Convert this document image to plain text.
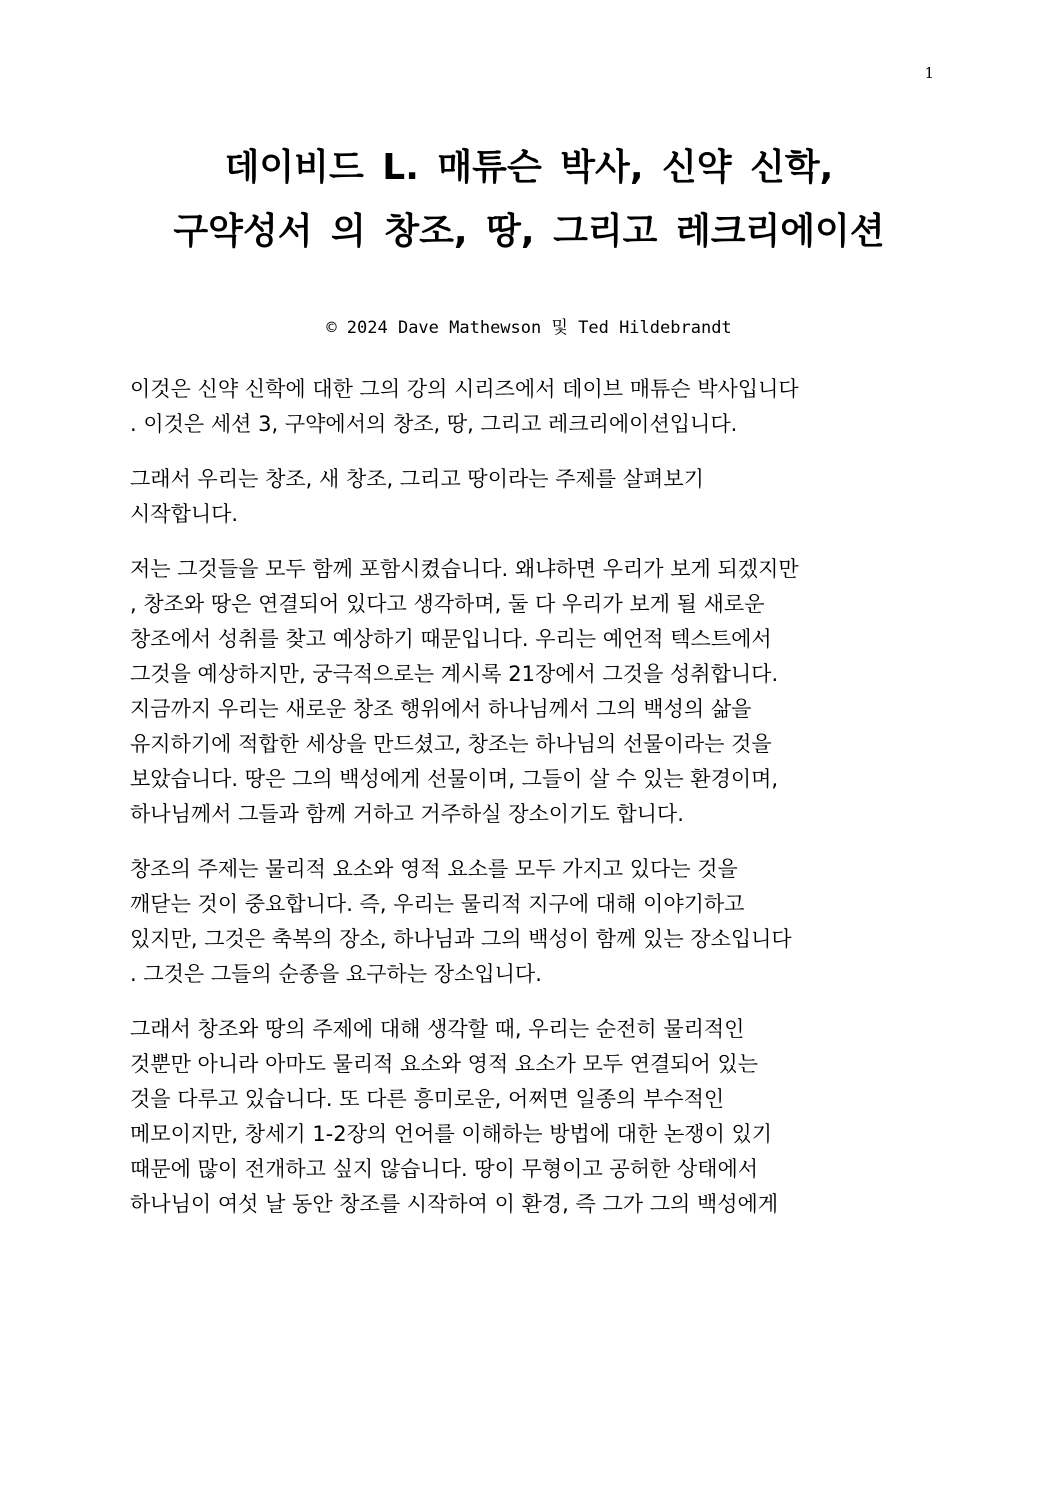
1
데이비드 L. 매튜슨 박사, 신약 신학,
구약성서 의 창조, 땅, 그리고 레크리에이션
© 2024 Dave Mathewson 및 Ted Hildebrandt

이것은 신약 신학에 대한 그의 강의 시리즈에서 데이브 매튜슨 박사입니다
. 이것은 세션 3, 구약에서의 창조, 땅, 그리고 레크리에이션입니다.

그래서 우리는 창조, 새 창조, 그리고 땅이라는 주제를 살펴보기
시작합니다.

저는 그것들을 모두 함께 포함시켰습니다. 왜냐하면 우리가 보게 되겠지만
, 창조와 땅은 연결되어 있다고 생각하며, 둘 다 우리가 보게 될 새로운
창조에서 성취를 찾고 예상하기 때문입니다. 우리는 예언적 텍스트에서
그것을 예상하지만, 궁극적으로는 계시록 21장에서 그것을 성취합니다.
지금까지 우리는 새로운 창조 행위에서 하나님께서 그의 백성의 삶을
유지하기에 적합한 세상을 만드셨고, 창조는 하나님의 선물이라는 것을
보았습니다. 땅은 그의 백성에게 선물이며, 그들이 살 수 있는 환경이며,
하나님께서 그들과 함께 거하고 거주하실 장소이기도 합니다.

창조의 주제는 물리적 요소와 영적 요소를 모두 가지고 있다는 것을
깨닫는 것이 중요합니다. 즉, 우리는 물리적 지구에 대해 이야기하고
있지만, 그것은 축복의 장소, 하나님과 그의 백성이 함께 있는 장소입니다
. 그것은 그들의 순종을 요구하는 장소입니다.

그래서 창조와 땅의 주제에 대해 생각할 때, 우리는 순전히 물리적인
것뿐만 아니라 아마도 물리적 요소와 영적 요소가 모두 연결되어 있는
것을 다루고 있습니다. 또 다른 흥미로운, 어쩌면 일종의 부수적인
메모이지만, 창세기 1-2장의 언어를 이해하는 방법에 대한 논쟁이 있기
때문에 많이 전개하고 싶지 않습니다. 땅이 무형이고 공허한 상태에서
하나님이 여섯 날 동안 창조를 시작하여 이 환경, 즉 그가 그의 백성에게
